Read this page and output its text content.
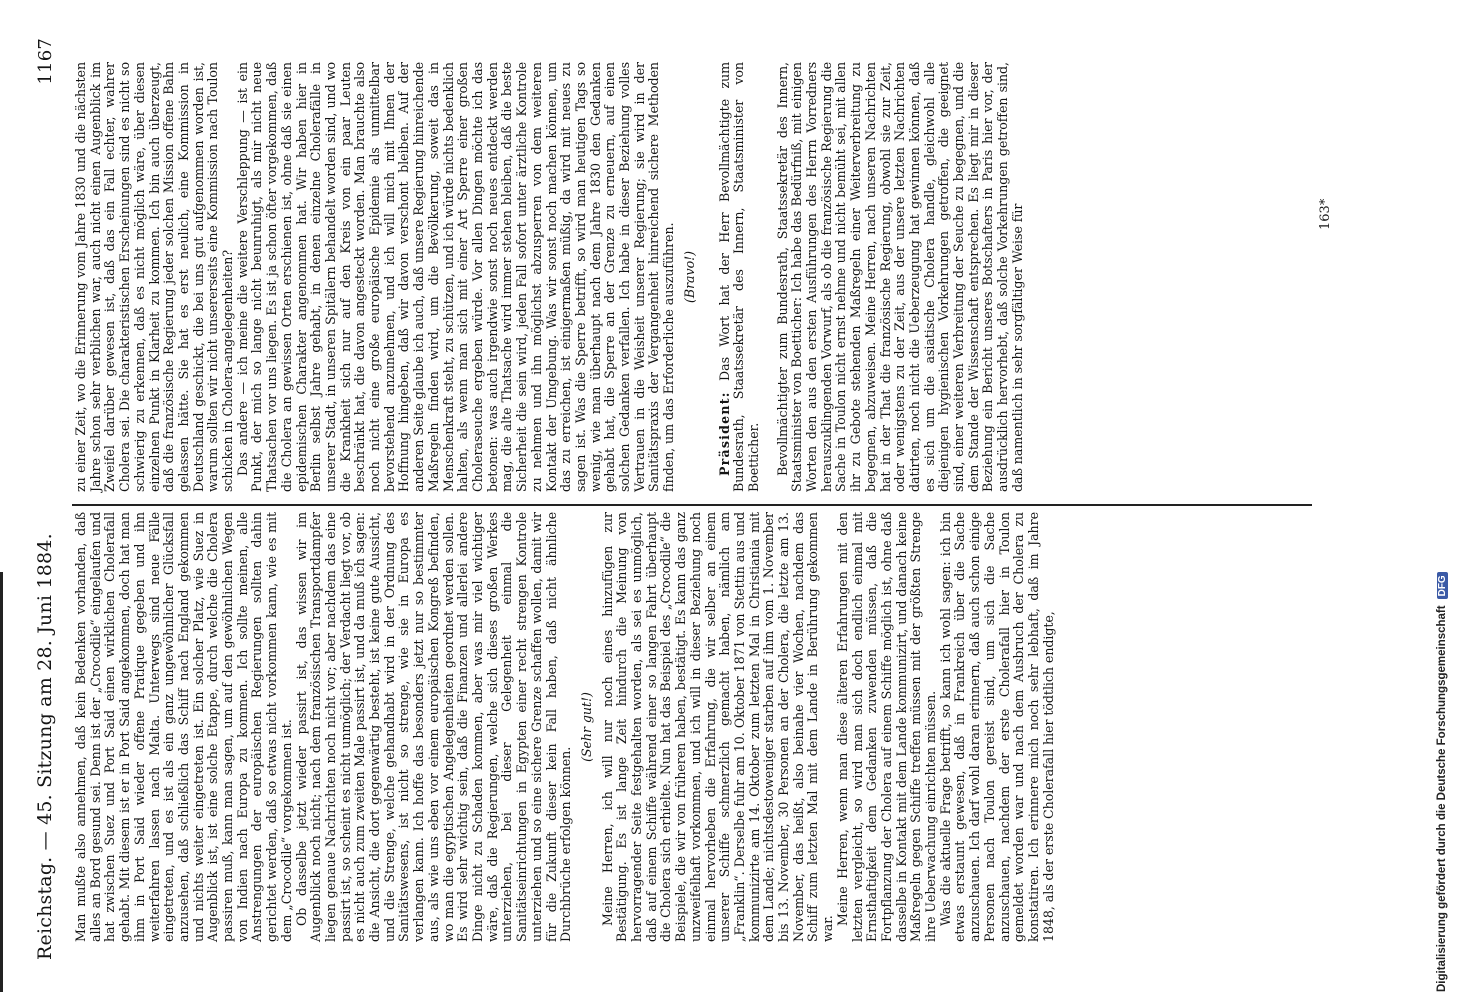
Reichstag. — 45. Sitzung am 28. Juni 1884.
1167

Man mußte also annehmen, daß kein Bedenken vorhanden, daß alles an Bord gesund sei. Denn ist der „Crocodile“ eingelaufen und hat zwischen Suez und Port Said einen wirklichen Cholerafall gehabt. Mit diesem ist er in Port Said angekommen, doch hat man ihm in Port Said wieder offene Pratique gegeben und ihn weiterfahren lassen nach Malta. Unterwegs sind neue Fälle eingetreten, und es ist als ein ganz ungewöhnlicher Glücksfall anzusehen, daß schließlich das Schiff nach England gekommen und nichts weiter eingetreten ist. Ein solcher Platz, wie Suez in Augenblick ist, ist eine solche Etappe, durch welche die Cholera passiren muß, kann man sagen, um auf den gewöhnlichen Wegen von Indien nach Europa zu kommen. Ich sollte meinen, alle Anstrengungen der europäischen Regierungen sollten dahin gerichtet werden, daß so etwas nicht vorkommen kann, wie es mit dem „Crocodile“ vorgekommen ist. Ob dasselbe jetzt wieder passirt ist, das wissen wir im Augenblick noch nicht; nach dem französischen Transportdampfer liegen genaue Nachrichten noch nicht vor; aber nachdem das eine passirt ist, so scheint es nicht unmöglich; der Verdacht liegt vor, ob es nicht auch zum zweiten Male passirt ist, und da muß ich sagen: die Ansicht, die dort gegenwärtig besteht, ist keine gute Aussicht, und die Strenge, welche gehandhabt wird in der Ordnung des Sanitätswesens, ist nicht so strenge, wie sie in Europa es verlangen kann. Ich hoffe das besonders jetzt nur so bestimmter aus, als wie uns eben vor einem europäischen Kongreß befinden, wo man die egyptischen Angelegenheiten geordnet werden sollen. Es wird sehr wichtig sein, daß die Finanzen und allerlei andere Dinge nicht zu Schaden kommen, aber was mir viel wichtiger wäre, daß die Regierungen, welche sich dieses großen Werkes unterziehen, bei dieser Gelegenheit einmal die Sanitätseinrichtungen in Egypten einer recht strengen Kontrole unterziehen und so eine sichere Grenze schaffen wollen, damit wir für die Zukunft dieser kein Fall haben, daß nicht ähnliche Durchbrüche erfolgen können.

(Sehr gut!) Meine Herren, ich will nur noch eines hinzufügen zur Bestätigung. Es ist lange Zeit hindurch die Meinung von hervorragender Seite festgehalten worden, als sei es unmöglich, daß auf einem Schiffe während einer so langen Fahrt überhaupt die Cholera sich erhielte. Nun hat das Beispiel des „Crocodile“ die Beispiele, die wir von früheren haben, bestätigt. Es kann das ganz unzweifelhaft vorkommen, und ich will in dieser Beziehung noch einmal hervorheben die Erfahrung, die wir selber an einem unserer Schiffe schmerzlich gemacht haben, nämlich am „Franklin“. Derselbe fuhr am 10. Oktober 1871 von Stettin aus und kommunizirte am 14. Oktober zum letzten Mal in Christiania mit dem Lande; nichtsdestoweniger starben auf ihm vom 1. November bis 13. November, 30 Personen an der Cholera, die letzte am 13. November, das heißt, also beinahe vier Wochen, nachdem das Schiff zum letzten Mal mit dem Lande in Berührung gekommen war.

Meine Herren, wenn man diese älteren Erfahrungen mit den letzten vergleicht, so wird man sich doch endlich einmal mit Ernsthaftigkeit dem Gedanken zuwenden müssen, daß die Fortpflanzung der Cholera auf einem Schiffe möglich ist, ohne daß dasselbe in Kontakt mit dem Lande kommunizirt, und danach keine Maßregeln gegen Schiffe treffen müssen mit der größten Strenge ihre Ueberwachung einrichten müssen. Was die aktuelle Frage betrifft, so kann ich wohl sagen: ich bin etwas erstaunt gewesen, daß in Frankreich über die Sache anzuschauen. Ich darf wohl daran erinnern, daß auch schon einige Personen nach Toulon gereist sind, um sich die Sache anzuschauen, nachdem der erste Cholerafall hier in Toulon gemeldet worden war und nach dem Ausbruch der Cholera zu konstatiren. Ich erinnere mich noch sehr lebhaft, daß im Jahre 1848, als der erste Cholerafall hier tödtlich endigte,

zu einer Zeit, wo die Erinnerung vom Jahre 1830 und die nächsten Jahre schon sehr verblichen war, auch nicht einen Augenblick im Zweifel darüber gewesen ist, daß das ein Fall echter, wahrer Cholera sei. Die charakteristischen Erscheinungen sind es nicht so schwierig zu erkennen, daß es nicht möglich wäre, über diesen einzelnen Punkt in Klarheit zu kommen. Ich bin auch überzeugt, daß die französische Regierung jeder solchen Mission offene Bahn gelassen hätte. Sie hat es erst neulich, eine Kommission in Deutschland geschickt, die bei uns gut aufgenommen worden ist, warum sollten wir nicht unsererseits eine Kommission nach Toulon schicken in Cholera-angelegenheiten? Das andere — ich meine die weitere Verschleppung — ist ein Punkt, der mich so lange nicht beunruhigt, als mir nicht neue Thatsachen vor uns liegen. Es ist ja schon öfter vorgekommen, daß die Cholera an gewissen Orten erschienen ist, ohne daß sie einen epidemischen Charakter angenommen hat. Wir haben hier in Berlin selbst Jahre gehabt, in denen einzelne Cholerafälle in unserer Stadt, in unseren Spitälern behandelt worden sind, und wo die Krankheit sich nur auf den Kreis von ein paar Leuten beschränkt hat, die davon angesteckt worden. Man brauchte also noch nicht eine große europäische Epidemie als unmittelbar bevorstehend anzunehmen, und ich will mich mit Ihnen der Hoffnung hingeben, daß wir davon verschont bleiben. Auf der anderen Seite glaube ich auch, daß unsere Regierung hinreichende Maßregeln finden wird, um die Bevölkerung, soweit das in Menschenkraft steht, zu schützen, und ich würde nichts bedenklich halten, als wenn man sich mit einer Art Sperre einer großen Choleraseuche ergeben würde. Vor allen Dingen möchte ich das betonen: was auch irgendwie sonst noch neues entdeckt werden mag, die alte Thatsache wird immer stehen bleiben, daß die beste Sicherheit die sein wird, jeden Fall sofort unter ärztliche Kontrole zu nehmen und ihn möglichst abzusperren von dem weiteren Kontakt der Umgebung. Was wir sonst noch machen können, um das zu erreichen, ist einigermaßen müßig, da wird mit neues zu sagen ist. Was die Sperre betrifft, so wird man heutigen Tags so wenig, wie man überhaupt nach dem Jahre 1830 den Gedanken gehabt hat, die Sperre an der Grenze zu erneuern, auf einen solchen Gedanken verfallen. Ich habe in dieser Beziehung volles Vertrauen in die Weisheit unserer Regierung; sie wird in der Sanitätspraxis der Vergangenheit hinreichend sichere Methoden finden, um das Erforderliche auszuführen. (Bravo!)

Präsident: Das Wort hat der Herr Bevollmächtigte zum Bundesrath, Staatssekretär des Innern, Staatsminister von Boetticher. Bevollmächtigter zum Bundesrath, Staatssekretär des Innern, Staatsminister von Boetticher: Ich habe das Bedürfniß, mit einigen Worten den aus den ersten Ausführungen des Herrn Vorredners herauszuklingenden Vorwurf, als ob die französische Regierung die Sache in Toulon nicht ernst nehme und nicht bemüht sei, mit allen ihr zu Gebote stehenden Maßregeln einer Weiterverbreitung zu begegnen, abzuweisen. Meine Herren, nach unseren Nachrichten hat in der That die französische Regierung, obwohl sie zur Zeit, oder wenigstens zu der Zeit, aus der unsere letzten Nachrichten datirten, noch nicht die Ueberzeugung hat gewinnen können, daß es sich um die asiatische Cholera handle, gleichwohl alle diejenigen hygienischen Vorkehrungen getroffen, die geeignet sind, einer weiteren Verbreitung der Seuche zu begegnen, und die dem Stande der Wissenschaft entsprechen. Es liegt mir in dieser Beziehung ein Bericht unseres Botschafters in Paris hier vor, der ausdrücklich hervorhebt, daß solche Vorkehrungen getroffen sind, daß namentlich in sehr sorgfältiger Weise für	163*
Digitalisierung gefördert durch die Deutsche Forschungsgemeinschaft
DFG
